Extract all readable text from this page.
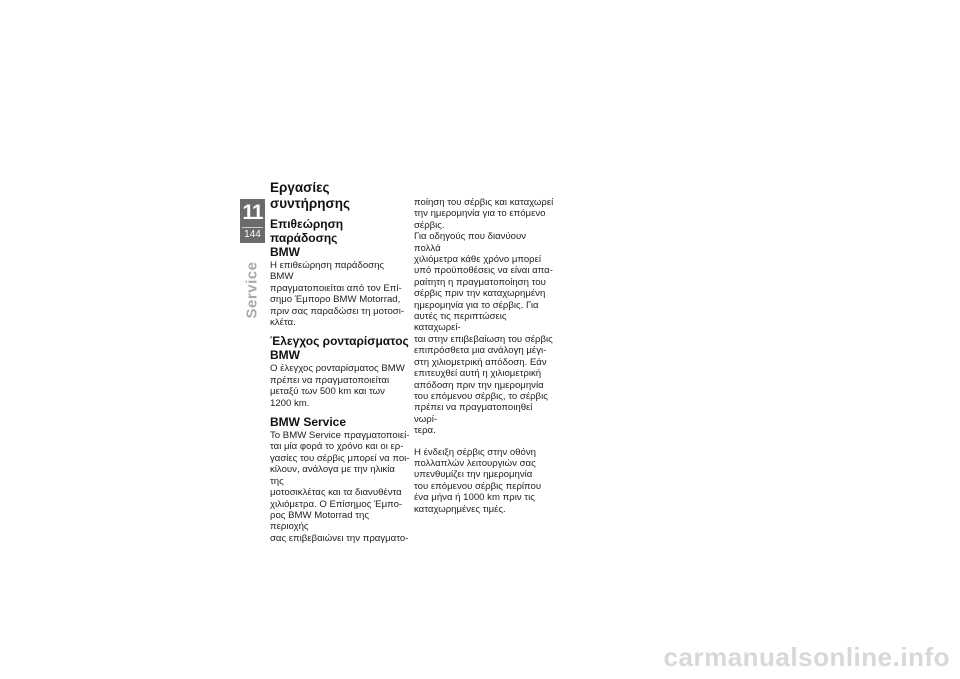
11
144
Service
Εργασίες συντήρησης
Επιθεώρηση παράδοσης
BMW

Η επιθεώρηση παράδοσης BMW
πραγματοποιείται από τον Επί-
σημο Έμπορο BMW Motorrad,
πριν σας παραδώσει τη μοτοσι-
κλέτα.

Έλεγχος ρονταρίσματος
BMW

Ο έλεγχος ρονταρίσματος BMW
πρέπει να πραγματοποιείται
μεταξύ των 500 km και των
1200 km.

BMW Service

Το BMW Service πραγματοποιεί-
ται μία φορά το χρόνο και οι ερ-
γασίες του σέρβις μπορεί να ποι-
κίλουν, ανάλογα με την ηλικία της
μοτοσικλέτας και τα διανυθέντα
χιλιόμετρα. Ο Επίσημος Έμπο-
ρος BMW Motorrad της περιοχής
σας επιβεβαιώνει την πραγματο-

ποίηση του σέρβις και καταχωρεί
την ημερομηνία για το επόμενο
σέρβις.

Για οδηγούς που διανύουν πολλά
χιλιόμετρα κάθε χρόνο μπορεί
υπό προϋποθέσεις να είναι απα-
ραίτητη η πραγματοποίηση του
σέρβις πριν την καταχωρημένη
ημερομηνία για το σέρβις. Για
αυτές τις περιπτώσεις καταχωρεί-
ται στην επιβεβαίωση του σέρβις
επιπρόσθετα μια ανάλογη μέγι-
στη χιλιομετρική απόδοση. Εάν
επιτευχθεί αυτή η χιλιομετρική
απόδοση πριν την ημερομηνία
του επόμενου σέρβις, το σέρβις
πρέπει να πραγματοποιηθεί νωρί-
τερα.

Η ένδειξη σέρβις στην οθόνη
πολλαπλών λειτουργιών σας
υπενθυμίζει την ημερομηνία
του επόμενου σέρβις περίπου
ένα μήνα ή 1000 km πριν τις
καταχωρημένες τιμές.

carmanualsonline.info
